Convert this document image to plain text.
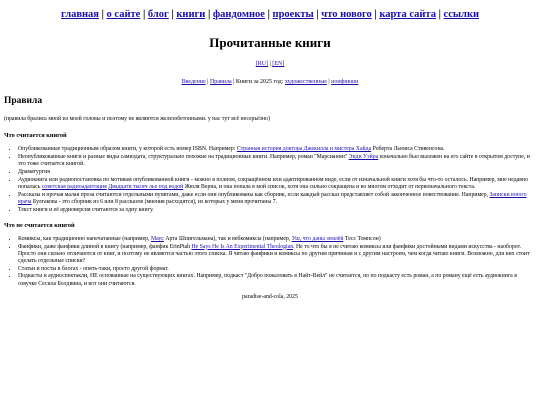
главная | о сайте | блог | книги | фандомное | проекты | что нового | карта сайта | ссылки
Прочитанные книги
[RU] | [EN]
Введение | Правила | Книги за 2025 год: художественные | нонфикшн
Правила

(правила брались мной из моей головы и поэтому не являются железобетонными. у нас тут всё несерьёзно)

Что считается книгой
• Опубликованные традиционным образом книги, у которой есть номер ISBN. Например: Странная история доктора Джекилла и мистера Хайда Роберта Льюиса Стивенсона.
• Неопубликованные книги и разные виды самиздата, структурально похожие на традиционные книги. Например, роман "Марсианин" Энди Уэйра изначально был выложен на его сайте в открытом доступе, и это тоже считается книгой.
• Драматургия
• Аудиокнига или радиопостановка по мотивам опубликованной книги - можно в полном, сокращённом или адаптированном виде, если от изначальной книги хотя бы что-то осталось. Например, мне недавно попалась советская радиоадаптация Двадцати тысяч лье под водой Жюля Верна, и она попала в мой список, хотя она сильно сокращена и во многом отходит от первоначального текста.
• Рассказы и прочая малая проза считаются отдельными пунктами, даже если они опубликованы как сборник, если каждый рассказ представляет собой законченное повествование. Например, Записки юного врача Булгакова - это сборник из 6 или 8 рассказов (мнения расходятся), из которых у меня прочитаны 7.
• Текст книги и её аудиоверсия считаются за одну книгу.
Что не считается книгой
• Комиксы, как традиционно напечатанные (например, Маус Арта Шпигельмана), так и вебкомиксы (например, Уш, что даны землёй Тесс Томпсон)
• Фанфики, даже фанфики длиной в книгу (например, фанфик ErinPtah He Says He Is An Experimental Theologian. Не то что бы я не считаю комиксы или фанфики достойными видами искусства - наоборот. Просто они сильно отличаются от книг, и поэтому не являются частью этого списка. Я читаю фанфики и комиксы по другим причинам и с другим настроем, чем когда читаю книги. Возможно, для них стоит сделать отдельные списки?
• Статьи и посты в блогах - опять-таки, просто другой формат.
• Подкасты и аудиоспектакли, НЕ основанные на существующих книгах. Например, подкаст "Добро пожаловать в Найт-Вейл" не считается, по по подкасту есть роман, а по роману ещё есть аудиокнига в озвучке Сесила Болдвина, и вот они считаются.
paradise-and-cola, 2025
